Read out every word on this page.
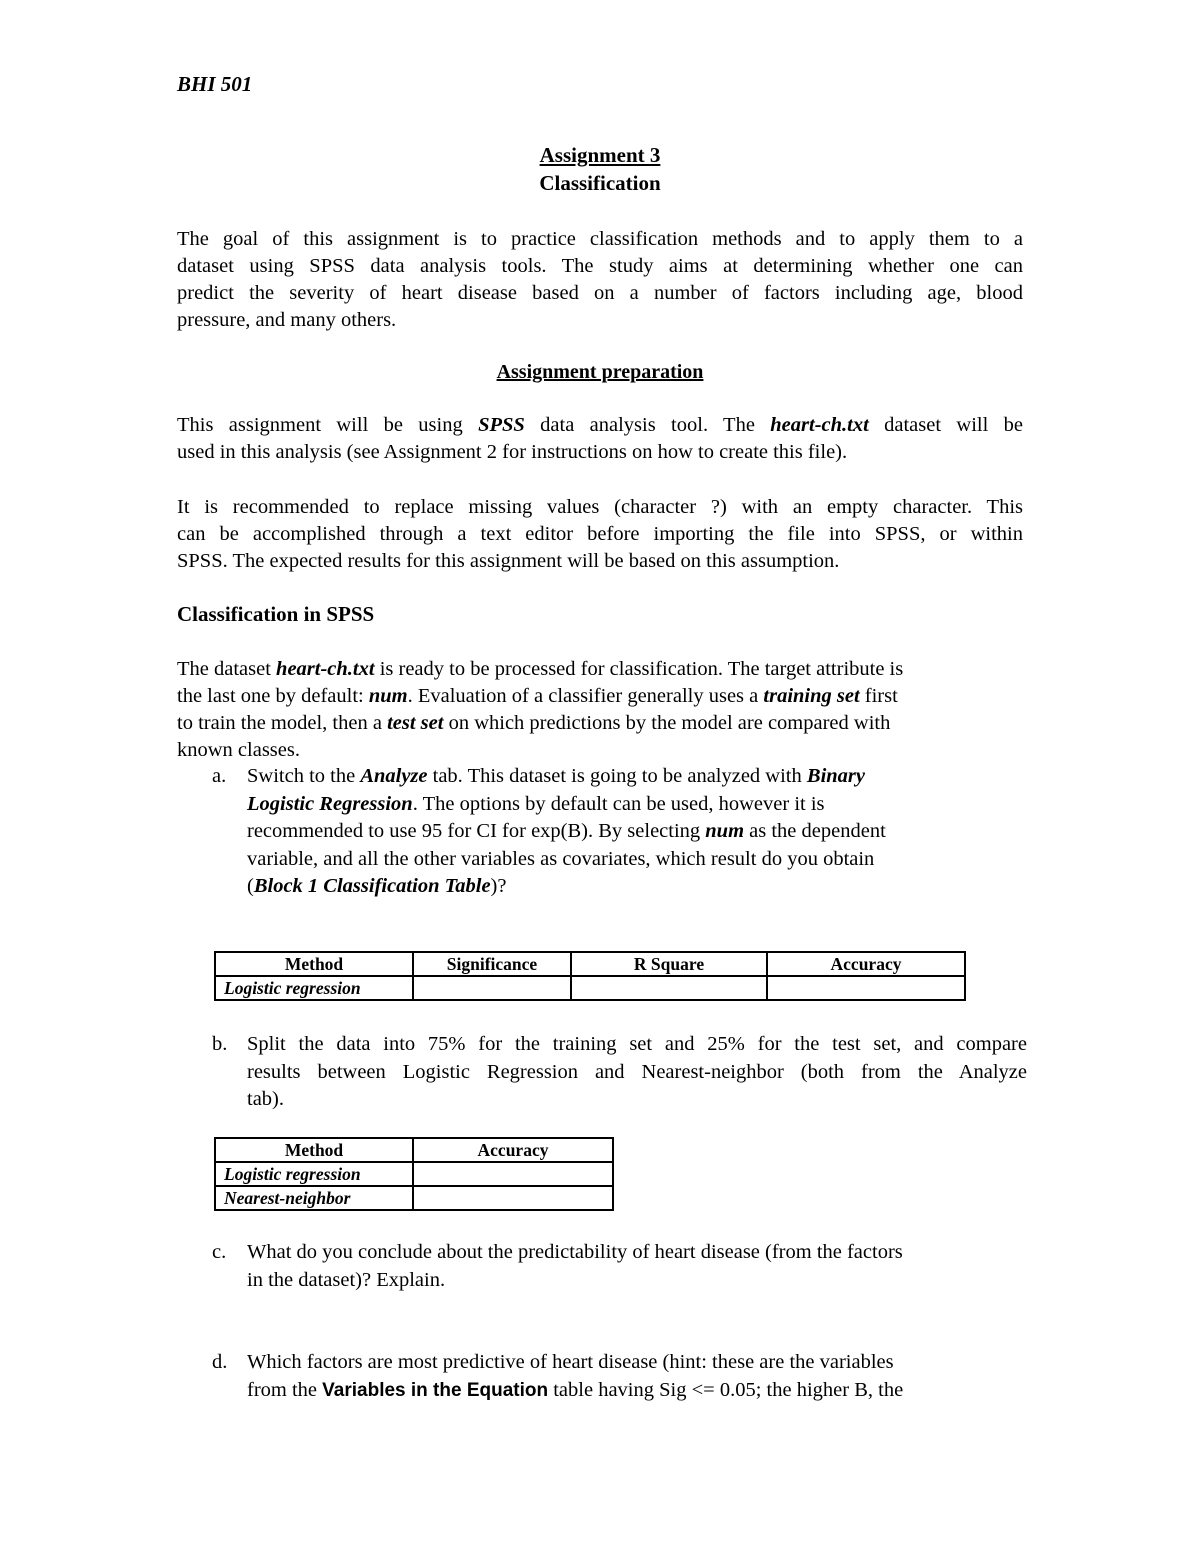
BHI 501
Assignment 3
Classification
The goal of this assignment is to practice classification methods and to apply them to a
dataset using SPSS data analysis tools. The study aims at determining whether one can
predict the severity of heart disease based on a number of factors including age, blood
pressure, and many others.
Assignment preparation
This assignment will be using SPSS data analysis tool. The heart-ch.txt dataset will be
used in this analysis (see Assignment 2 for instructions on how to create this file).
It is recommended to replace missing values (character ?) with an empty character. This
can be accomplished through a text editor before importing the file into SPSS, or within
SPSS. The expected results for this assignment will be based on this assumption.
Classification in SPSS
The dataset heart-ch.txt is ready to be processed for classification. The target attribute is
the last one by default: num. Evaluation of a classifier generally uses a training set first
to train the model, then a test set on which predictions by the model are compared with
known classes.
a. Switch to the Analyze tab. This dataset is going to be analyzed with Binary
Logistic Regression. The options by default can be used, however it is
recommended to use 95 for CI for exp(B). By selecting num as the dependent
variable, and all the other variables as covariates, which result do you obtain
(Block 1 Classification Table)?
Method	Significance	R Square	Accuracy
Logistic regression			
b. Split the data into 75% for the training set and 25% for the test set, and compare
results between Logistic Regression and Nearest-neighbor (both from the Analyze
tab).
Method	Accuracy
Logistic regression	
Nearest-neighbor	
c. What do you conclude about the predictability of heart disease (from the factors
in the dataset)? Explain.
d. Which factors are most predictive of heart disease (hint: these are the variables
from the Variables in the Equation table having Sig <= 0.05; the higher B, the
